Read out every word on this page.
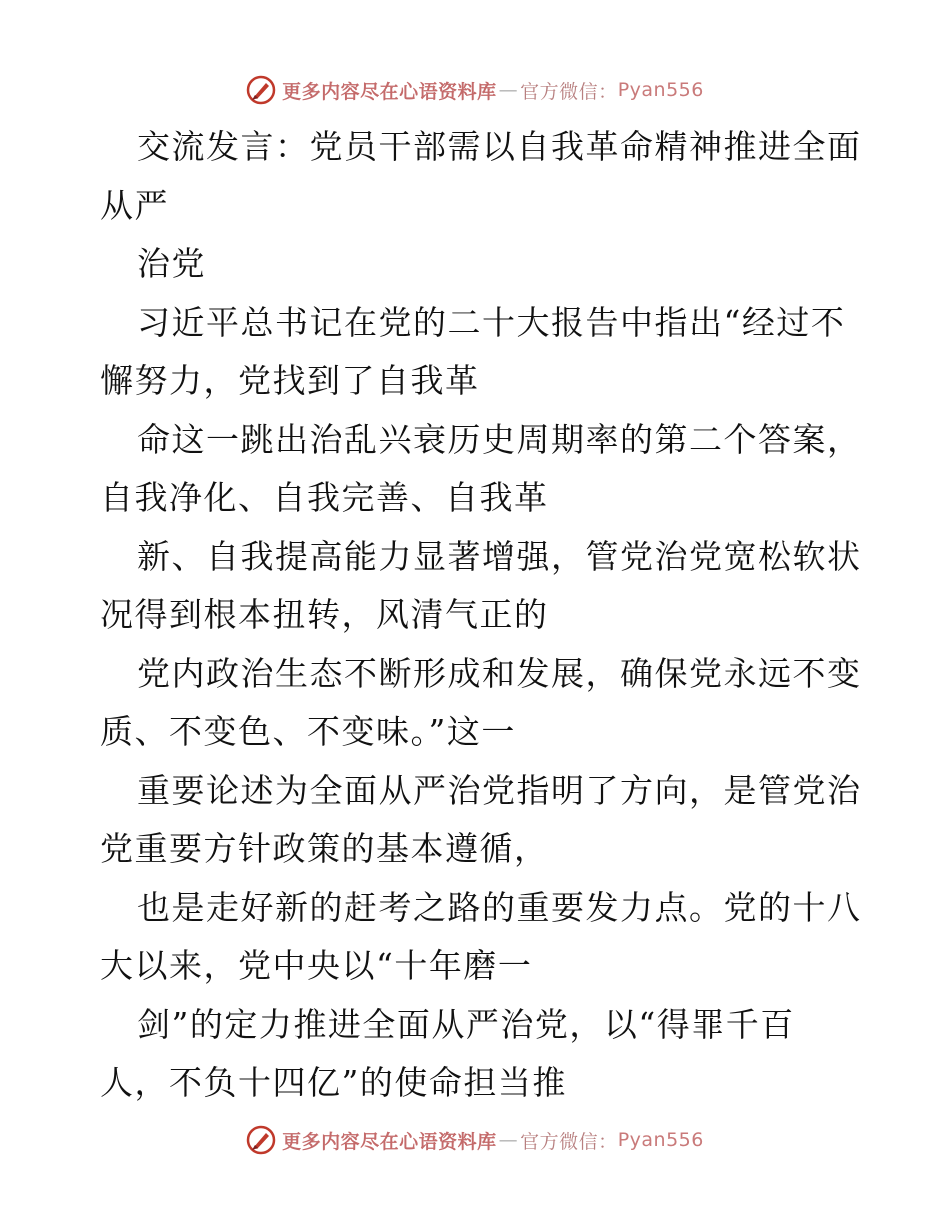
更多内容尽在心语资料库 — 官方微信： Pyan556
交流发言：党员干部需以自我革命精神推进全面
从严
治党
习近平总书记在党的二十大报告中指出“经过不
懈努力，党找到了自我革
命这一跳出治乱兴衰历史周期率的第二个答案，
自我净化、自我完善、自我革
新、自我提高能力显著增强，管党治党宽松软状
况得到根本扭转，风清气正的
党内政治生态不断形成和发展，确保党永远不变
质、不变色、不变味。”这一
重要论述为全面从严治党指明了方向，是管党治
党重要方针政策的基本遵循，
也是走好新的赶考之路的重要发力点。党的十八
大以来，党中央以“十年磨一
剑”的定力推进全面从严治党，以“得罪千百
人，不负十四亿”的使命担当推
更多内容尽在心语资料库 — 官方微信： Pyan556
